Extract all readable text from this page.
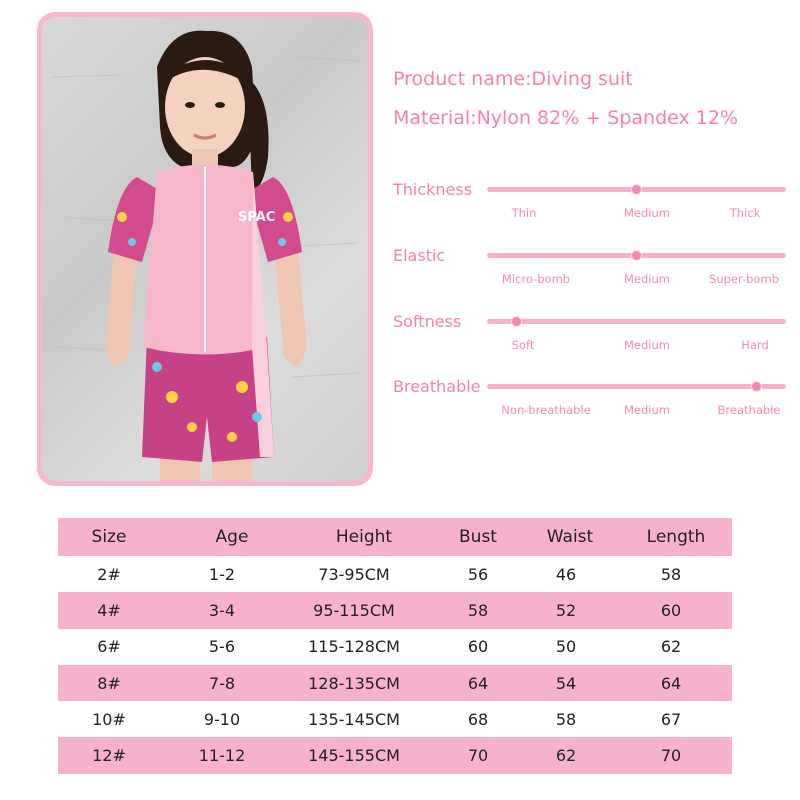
SPAC
Product name:Diving suit
Material:Nylon 82% + Spandex 12%
Thickness
Thin	Medium	Thick
Elastic
Micro-bomb	Medium	Super-bomb
Softness
Soft	Medium	Hard
Breathable
Non-breathable	Medium	Breathable
Size	Age	Height	Bust	Waist	Length
2#	1-2	73-95CM	56	46	58
4#	3-4	95-115CM	58	52	60
6#	5-6	115-128CM	60	50	62
8#	7-8	128-135CM	64	54	64
10#	9-10	135-145CM	68	58	67
12#	11-12	145-155CM	70	62	70
